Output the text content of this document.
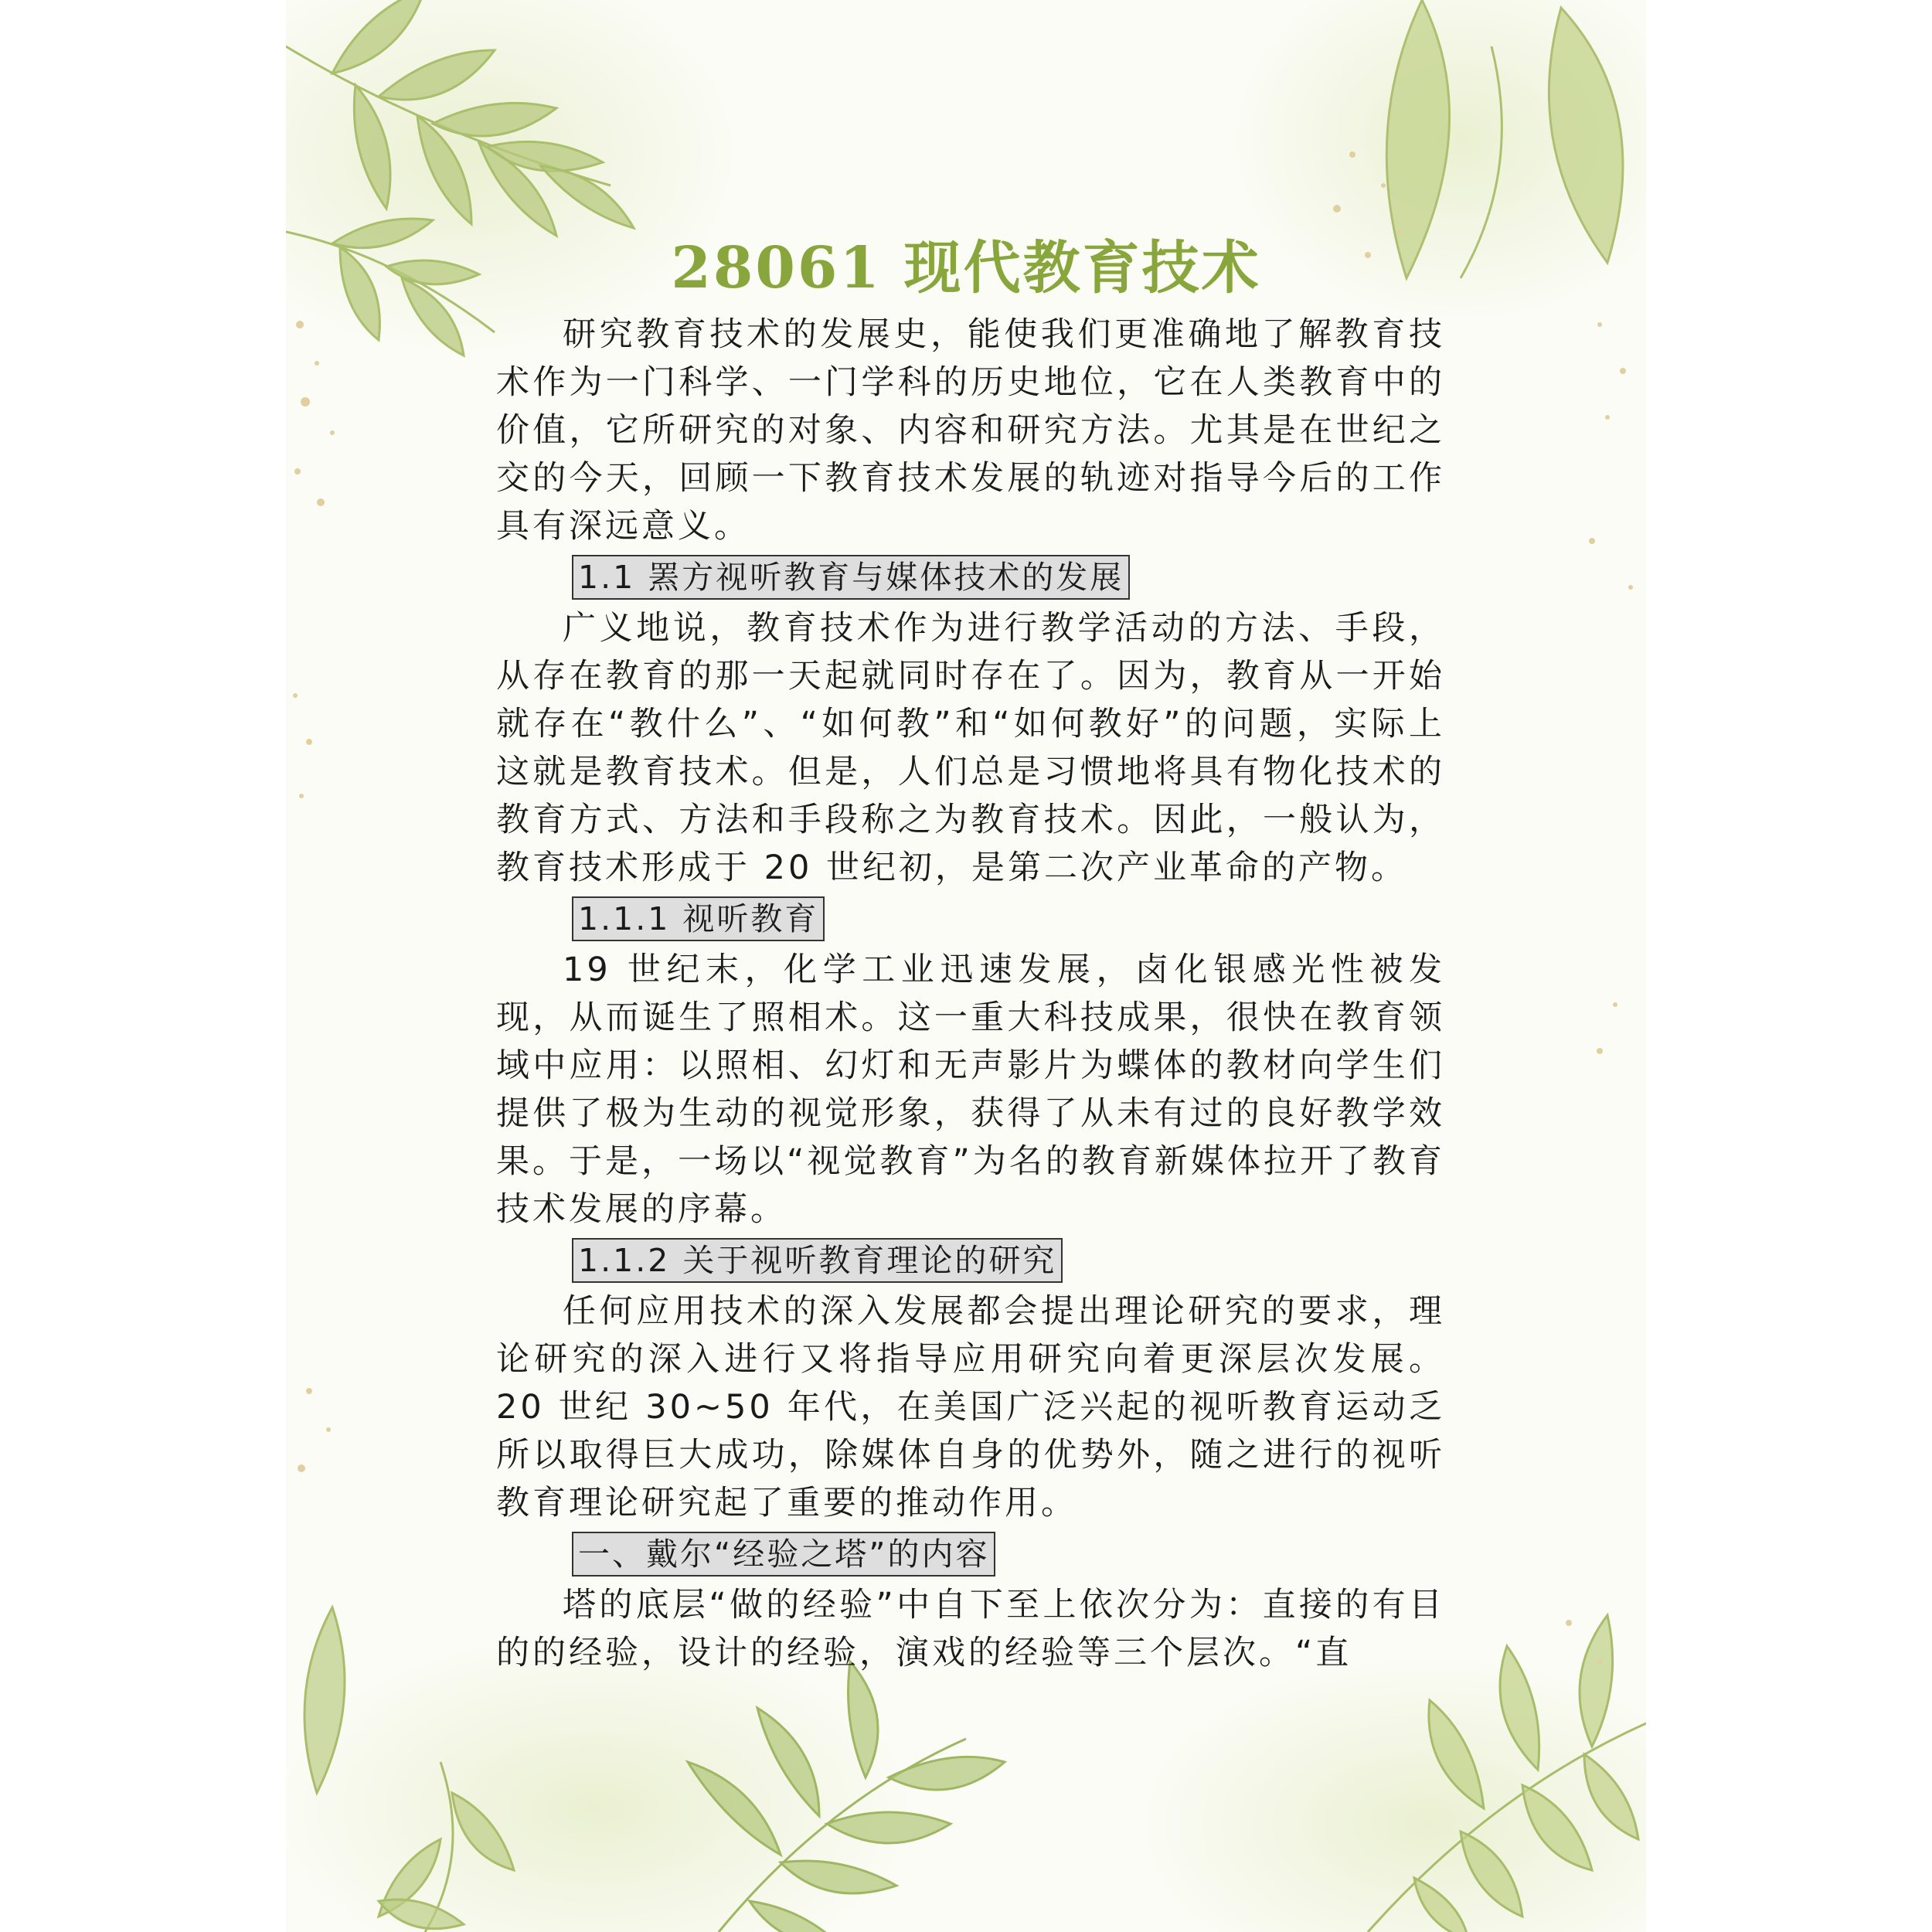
28061 现代教育技术

研究教育技术的发展史，能使我们更准确地了解教育技术作为一门科学、一门学科的历史地位，它在人类教育中的价值，它所研究的对象、内容和研究方法。尤其是在世纪之交的今天，回顾一下教育技术发展的轨迹对指导今后的工作具有深远意义。

1.1 罴方视听教育与媒体技术的发展

广义地说，教育技术作为进行教学活动的方法、手段，从存在教育的那一天起就同时存在了。因为，教育从一开始就存在“教什么”、“如何教”和“如何教好”的问题，实际上这就是教育技术。但是，人们总是习惯地将具有物化技术的教育方式、方法和手段称之为教育技术。因此，一般认为，教育技术形成于 20 世纪初，是第二次产业革命的产物。

1.1.1 视听教育

19 世纪末，化学工业迅速发展，卤化银感光性被发现，从而诞生了照相术。这一重大科技成果，很快在教育领域中应用：以照相、幻灯和无声影片为蝶体的教材向学生们提供了极为生动的视觉形象，获得了从未有过的良好教学效果。于是，一场以“视觉教育”为名的教育新媒体拉开了教育技术发展的序幕。

1.1.2 关于视听教育理论的研究

任何应用技术的深入发展都会提出理论研究的要求，理论研究的深入进行又将指导应用研究向着更深层次发展。20 世纪 30~50 年代，在美国广泛兴起的视听教育运动乏所以取得巨大成功，除媒体自身的优势外，随之进行的视听教育理论研究起了重要的推动作用。

一、戴尔“经验之塔”的内容

塔的底层“做的经验”中自下至上依次分为：直接的有目的的经验，设计的经验，演戏的经验等三个层次。“直
